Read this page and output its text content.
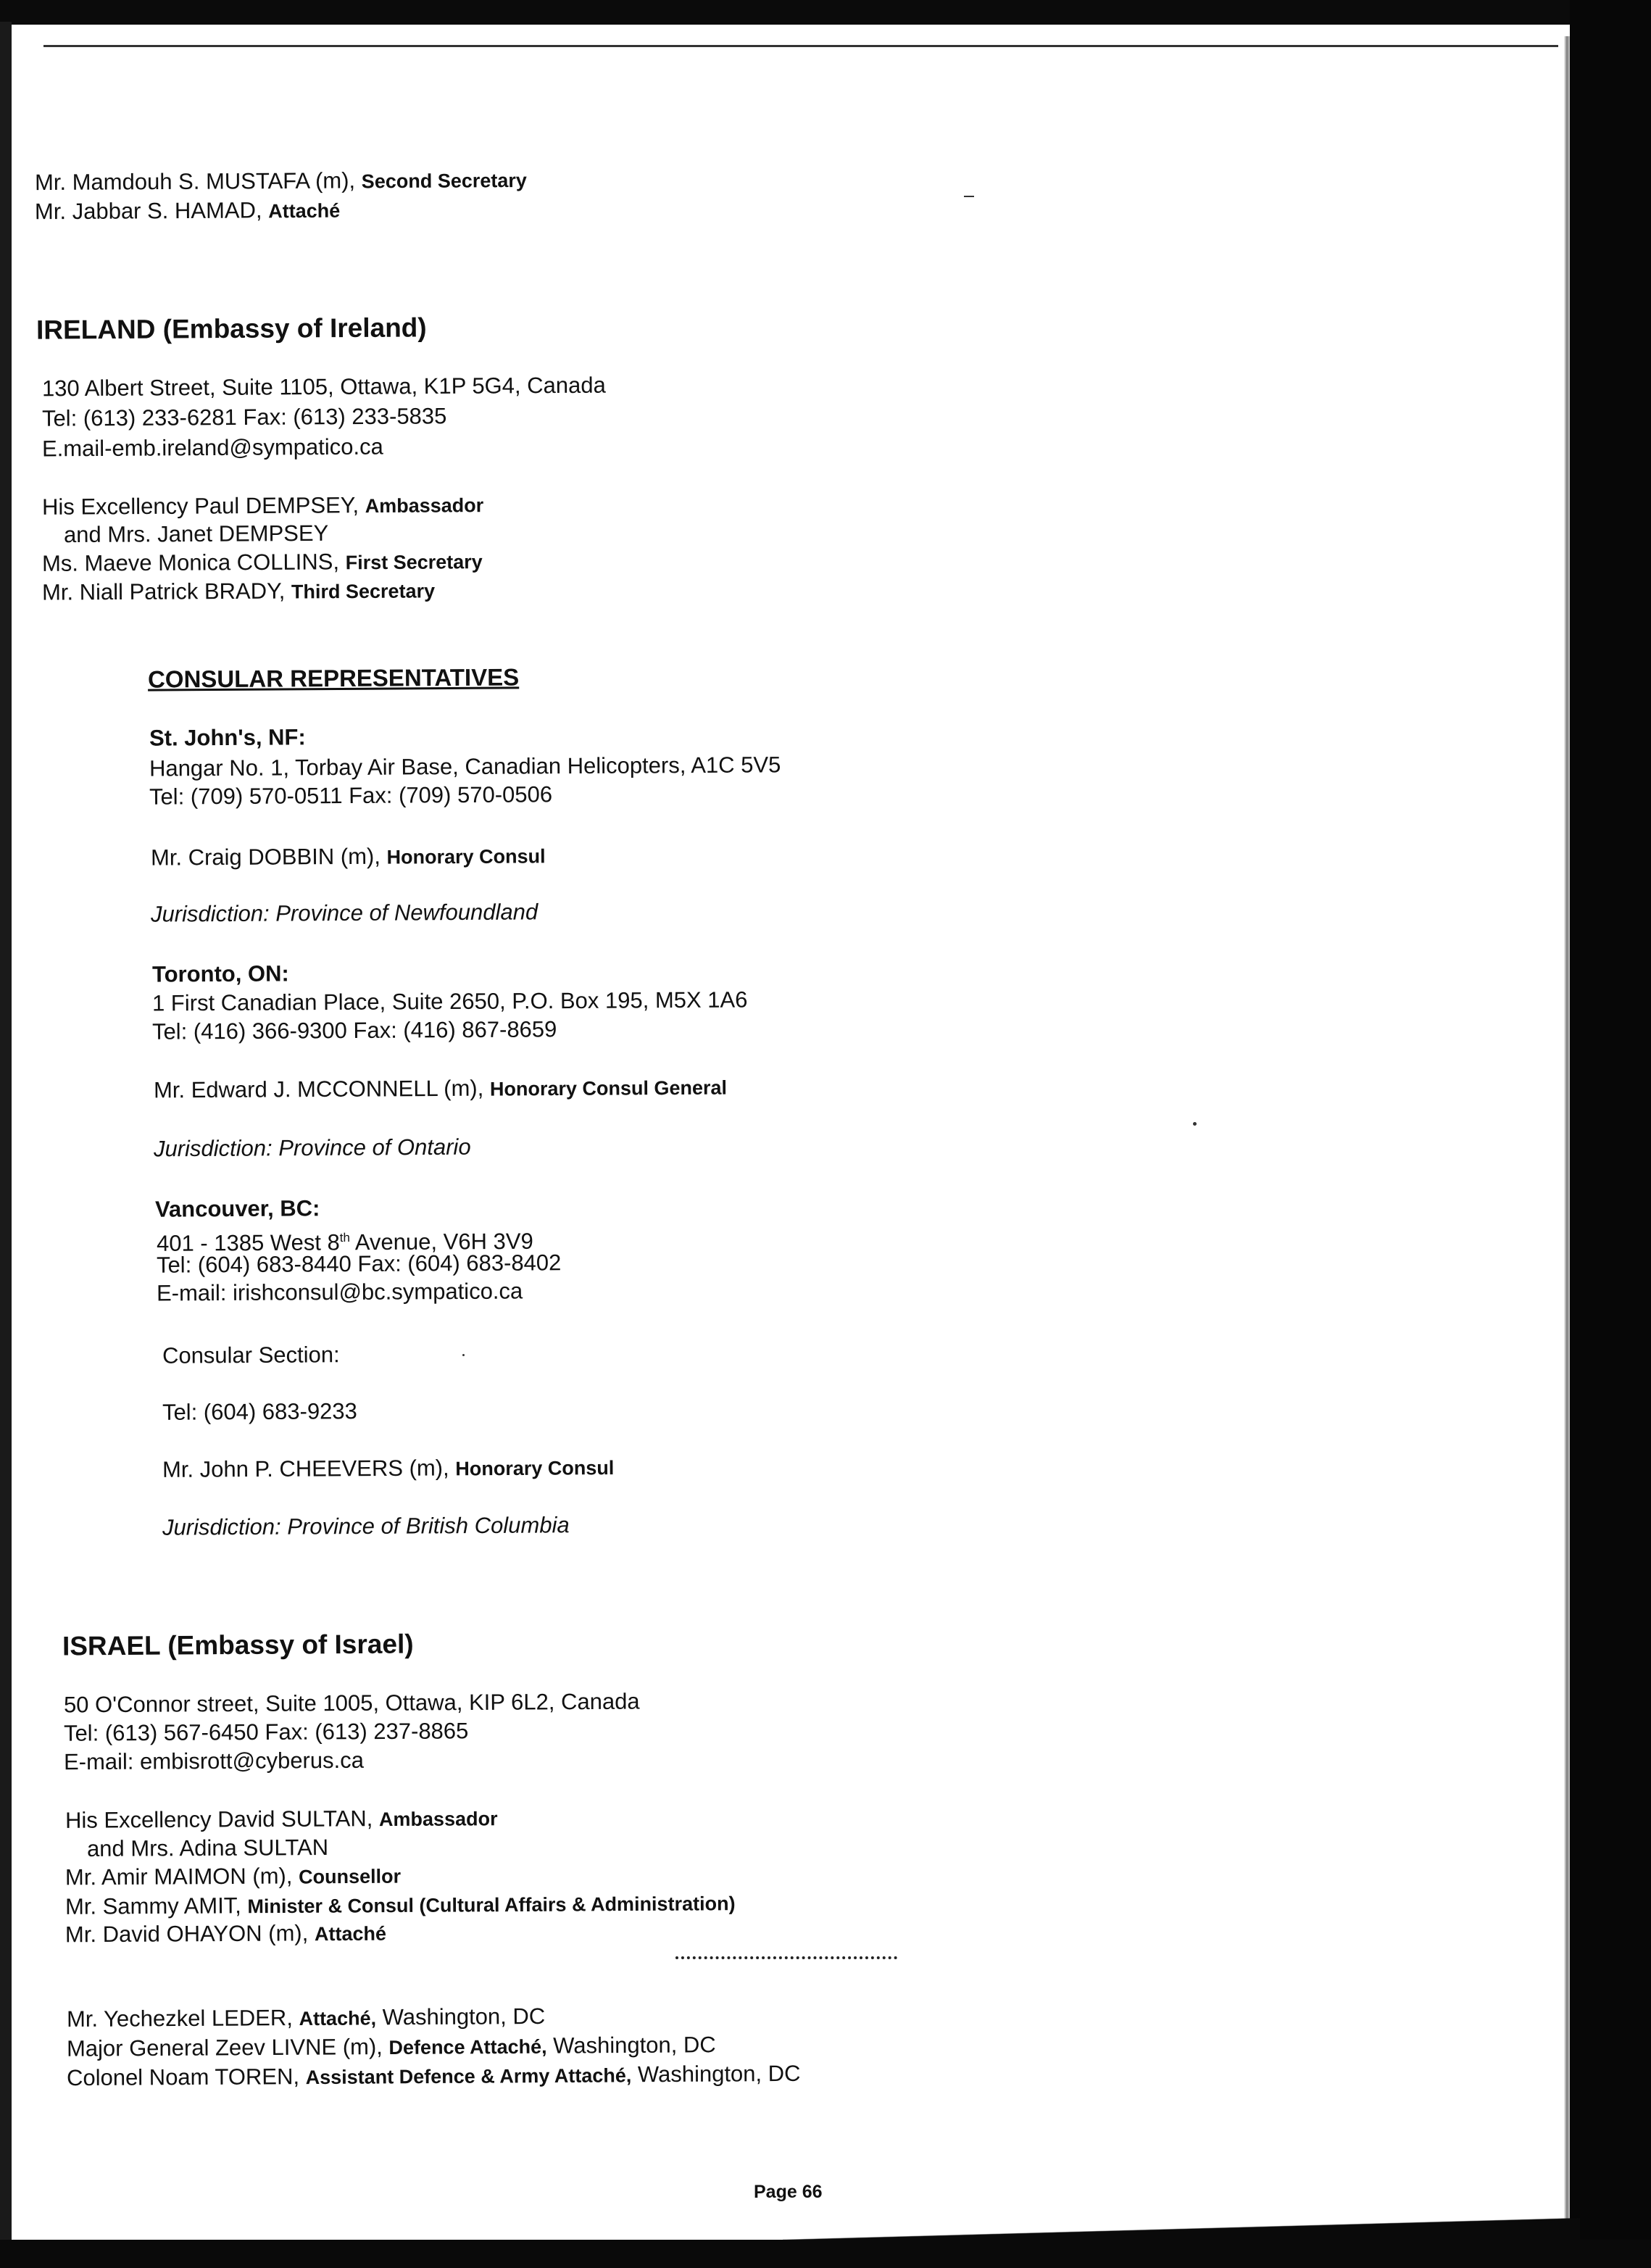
Mr. Mamdouh S. MUSTAFA (m), Second Secretary
Mr. Jabbar S. HAMAD, Attaché
IRELAND (Embassy of Ireland)
130 Albert Street, Suite 1105, Ottawa, K1P 5G4, Canada
Tel: (613) 233-6281 Fax: (613) 233-5835
E.mail-emb.ireland@sympatico.ca
His Excellency Paul DEMPSEY, Ambassador
and Mrs. Janet DEMPSEY
Ms. Maeve Monica COLLINS, First Secretary
Mr. Niall Patrick BRADY, Third Secretary
CONSULAR REPRESENTATIVES
St. John's, NF:
Hangar No. 1, Torbay Air Base, Canadian Helicopters, A1C 5V5
Tel: (709) 570-0511 Fax: (709) 570-0506
Mr. Craig DOBBIN (m), Honorary Consul
Jurisdiction: Province of Newfoundland
Toronto, ON:
1 First Canadian Place, Suite 2650, P.O. Box 195, M5X 1A6
Tel: (416) 366-9300 Fax: (416) 867-8659
Mr. Edward J. MCCONNELL (m), Honorary Consul General
Jurisdiction: Province of Ontario
Vancouver, BC:
401 - 1385 West 8th Avenue, V6H 3V9
Tel: (604) 683-8440 Fax: (604) 683-8402
E-mail: irishconsul@bc.sympatico.ca
Consular Section:
Tel: (604) 683-9233
Mr. John P. CHEEVERS (m), Honorary Consul
Jurisdiction: Province of British Columbia
ISRAEL (Embassy of Israel)
50 O'Connor street, Suite 1005, Ottawa, KIP 6L2, Canada
Tel: (613) 567-6450 Fax: (613) 237-8865
E-mail: embisrott@cyberus.ca
His Excellency David SULTAN, Ambassador
and Mrs. Adina SULTAN
Mr. Amir MAIMON (m), Counsellor
Mr. Sammy AMIT, Minister & Consul (Cultural Affairs & Administration)
Mr. David OHAYON (m), Attaché
Mr. Yechezkel LEDER, Attaché, Washington, DC
Major General Zeev LIVNE (m), Defence Attaché, Washington, DC
Colonel Noam TOREN, Assistant Defence & Army Attaché, Washington, DC
Page 66
